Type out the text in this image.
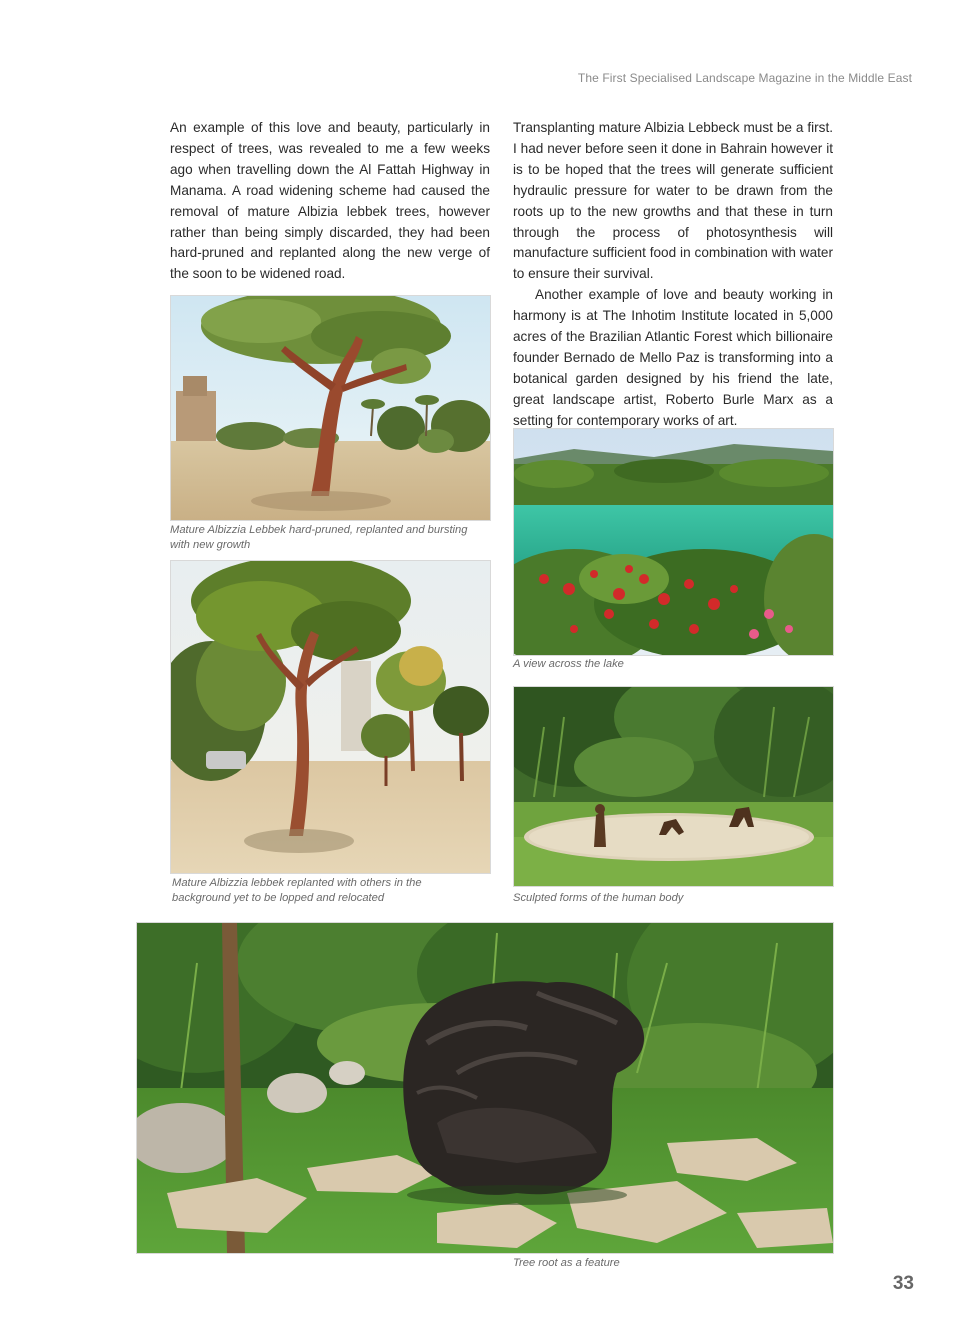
The First Specialised Landscape Magazine in the Middle East

An example of this love and beauty, particularly in respect of trees, was revealed to me a few weeks ago when travelling down the Al Fattah Highway in Manama. A road widening scheme had caused the removal of mature Albizia lebbek trees, however rather than being simply discarded, they had been hard-pruned and replanted along the new verge of the soon to be widened road.

Transplanting mature Albizia Lebbeck must be a first. I had never before seen it done in Bahrain however it is to be hoped that the trees will generate sufficient hydraulic pressure for water to be drawn from the roots up to the new growths and that these in turn through the process of photosynthesis will manufacture sufficient food in combination with water to ensure their survival.

Another example of love and beauty working in harmony is at The Inhotim Institute located in 5,000 acres of the Brazilian Atlantic Forest which billionaire founder Bernado de Mello Paz is transforming into a botanical garden designed by his friend the late, great landscape artist, Roberto Burle Marx as a setting for contemporary works of art.

Mature Albizzia Lebbek hard-pruned, replanted and bursting with new growth
Mature Albizzia lebbek replanted with others in the background yet to be lopped and relocated
A view across the lake
Sculpted forms of the human body
Tree root as a feature
33
